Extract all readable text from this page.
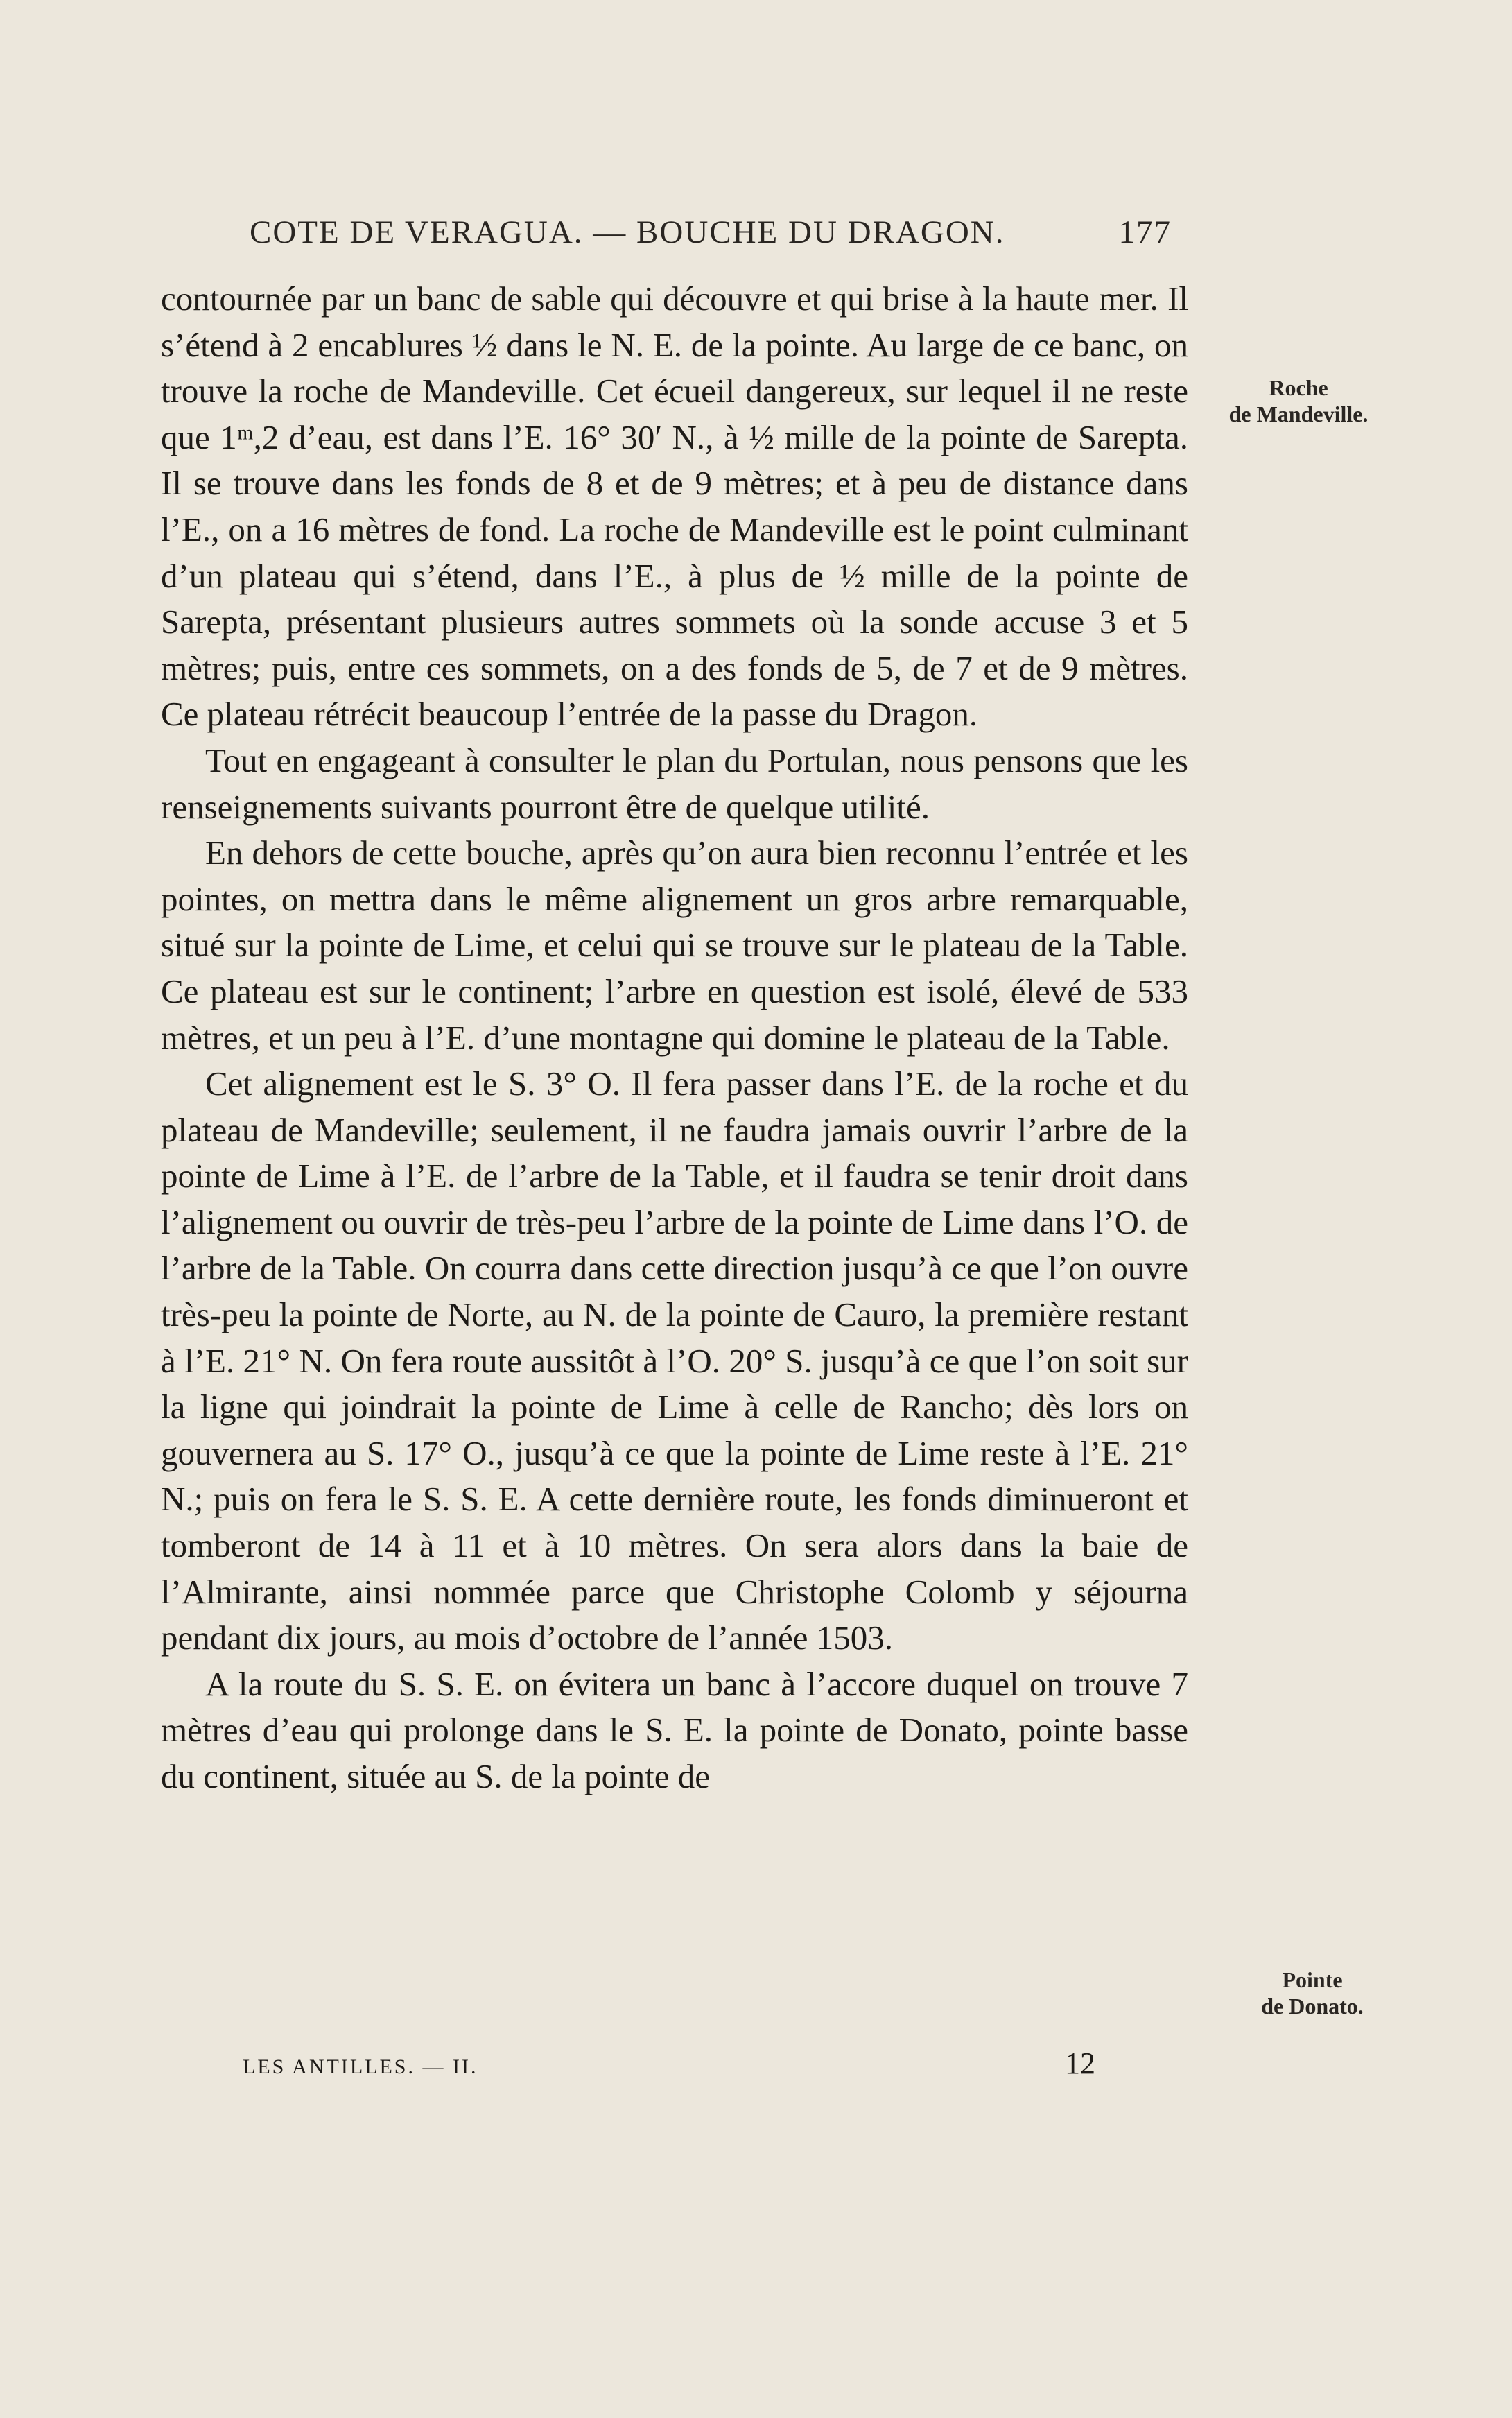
COTE DE VERAGUA. — BOUCHE DU DRAGON.	177

contournée par un banc de sable qui découvre et qui brise à la haute mer. Il s’étend à 2 encablures ½ dans le N. E. de la pointe. Au large de ce banc, on trouve la roche de Mandeville. Cet écueil dangereux, sur lequel il ne reste que 1ᵐ,2 d’eau, est dans l’E. 16° 30′ N., à ½ mille de la pointe de Sarepta. Il se trouve dans les fonds de 8 et de 9 mètres; et à peu de distance dans l’E., on a 16 mètres de fond. La roche de Mandeville est le point culminant d’un plateau qui s’étend, dans l’E., à plus de ½ mille de la pointe de Sarepta, présentant plusieurs autres sommets où la sonde accuse 3 et 5 mètres; puis, entre ces sommets, on a des fonds de 5, de 7 et de 9 mètres. Ce plateau rétrécit beaucoup l’entrée de la passe du Dragon.

Tout en engageant à consulter le plan du Portulan, nous pensons que les renseignements suivants pourront être de quelque utilité.

En dehors de cette bouche, après qu’on aura bien reconnu l’entrée et les pointes, on mettra dans le même alignement un gros arbre remarquable, situé sur la pointe de Lime, et celui qui se trouve sur le plateau de la Table. Ce plateau est sur le continent; l’arbre en question est isolé, élevé de 533 mètres, et un peu à l’E. d’une montagne qui domine le plateau de la Table.

Cet alignement est le S. 3° O. Il fera passer dans l’E. de la roche et du plateau de Mandeville; seulement, il ne faudra jamais ouvrir l’arbre de la pointe de Lime à l’E. de l’arbre de la Table, et il faudra se tenir droit dans l’alignement ou ouvrir de très-peu l’arbre de la pointe de Lime dans l’O. de l’arbre de la Table. On courra dans cette direction jusqu’à ce que l’on ouvre très-peu la pointe de Norte, au N. de la pointe de Cauro, la première restant à l’E. 21° N. On fera route aussitôt à l’O. 20° S. jusqu’à ce que l’on soit sur la ligne qui joindrait la pointe de Lime à celle de Rancho; dès lors on gouvernera au S. 17° O., jusqu’à ce que la pointe de Lime reste à l’E. 21° N.; puis on fera le S. S. E. A cette dernière route, les fonds diminueront et tomberont de 14 à 11 et à 10 mètres. On sera alors dans la baie de l’Almirante, ainsi nommée parce que Christophe Colomb y séjourna pendant dix jours, au mois d’octobre de l’année 1503.

A la route du S. S. E. on évitera un banc à l’accore duquel on trouve 7 mètres d’eau qui prolonge dans le S. E. la pointe de Donato, pointe basse du continent, située au S. de la pointe de

Roche
de Mandeville.
Pointe
de Donato.
LES ANTILLES. — II.	12
